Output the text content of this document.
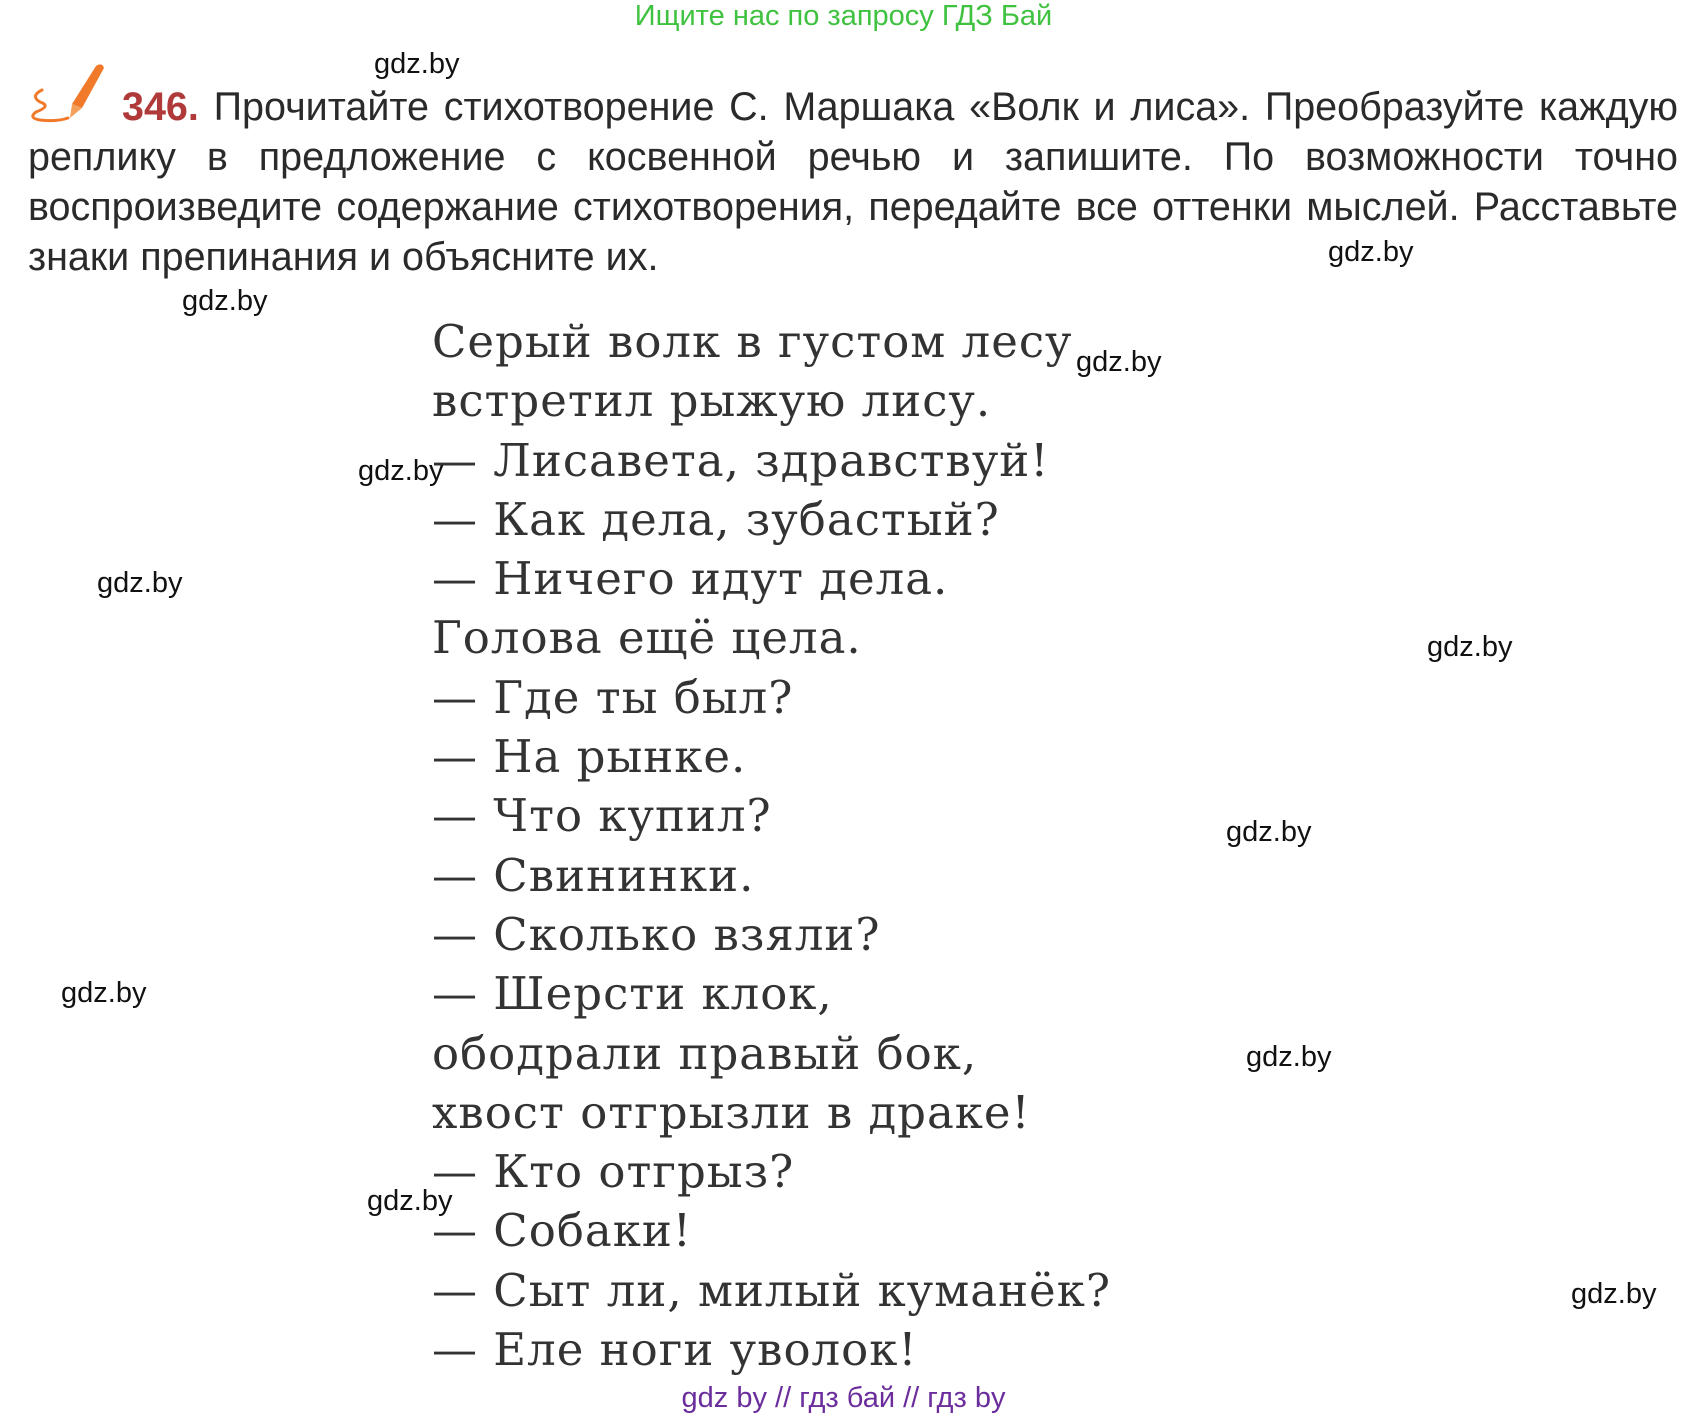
Ищите нас по запросу ГДЗ Бай
346. Прочитайте стихотворение С. Маршака «Волк и лиса». Преобразуйте каждую реплику в предложение с косвенной речью и запишите. По возможности точно воспроизведите содержание стихотворения, передайте все оттенки мыслей. Расставьте знаки препинания и объясните их.
Серый волк в густом лесу
встретил рыжую лису.
— Лисавета, здравствуй!
— Как дела, зубастый?
— Ничего идут дела.
Голова ещё цела.
— Где ты был?
— На рынке.
— Что купил?
— Свининки.
— Сколько взяли?
— Шерсти клок,
ободрали правый бок,
хвост отгрызли в драке!
— Кто отгрыз?
— Собаки!
— Сыт ли, милый куманёк?
— Еле ноги уволок!
gdz.by
gdz.by
gdz.by
gdz.by
gdz.by
gdz.by
gdz.by
gdz.by
gdz.by
gdz.by
gdz.by
gdz.by
gdz by // гдз бай // гдз by
